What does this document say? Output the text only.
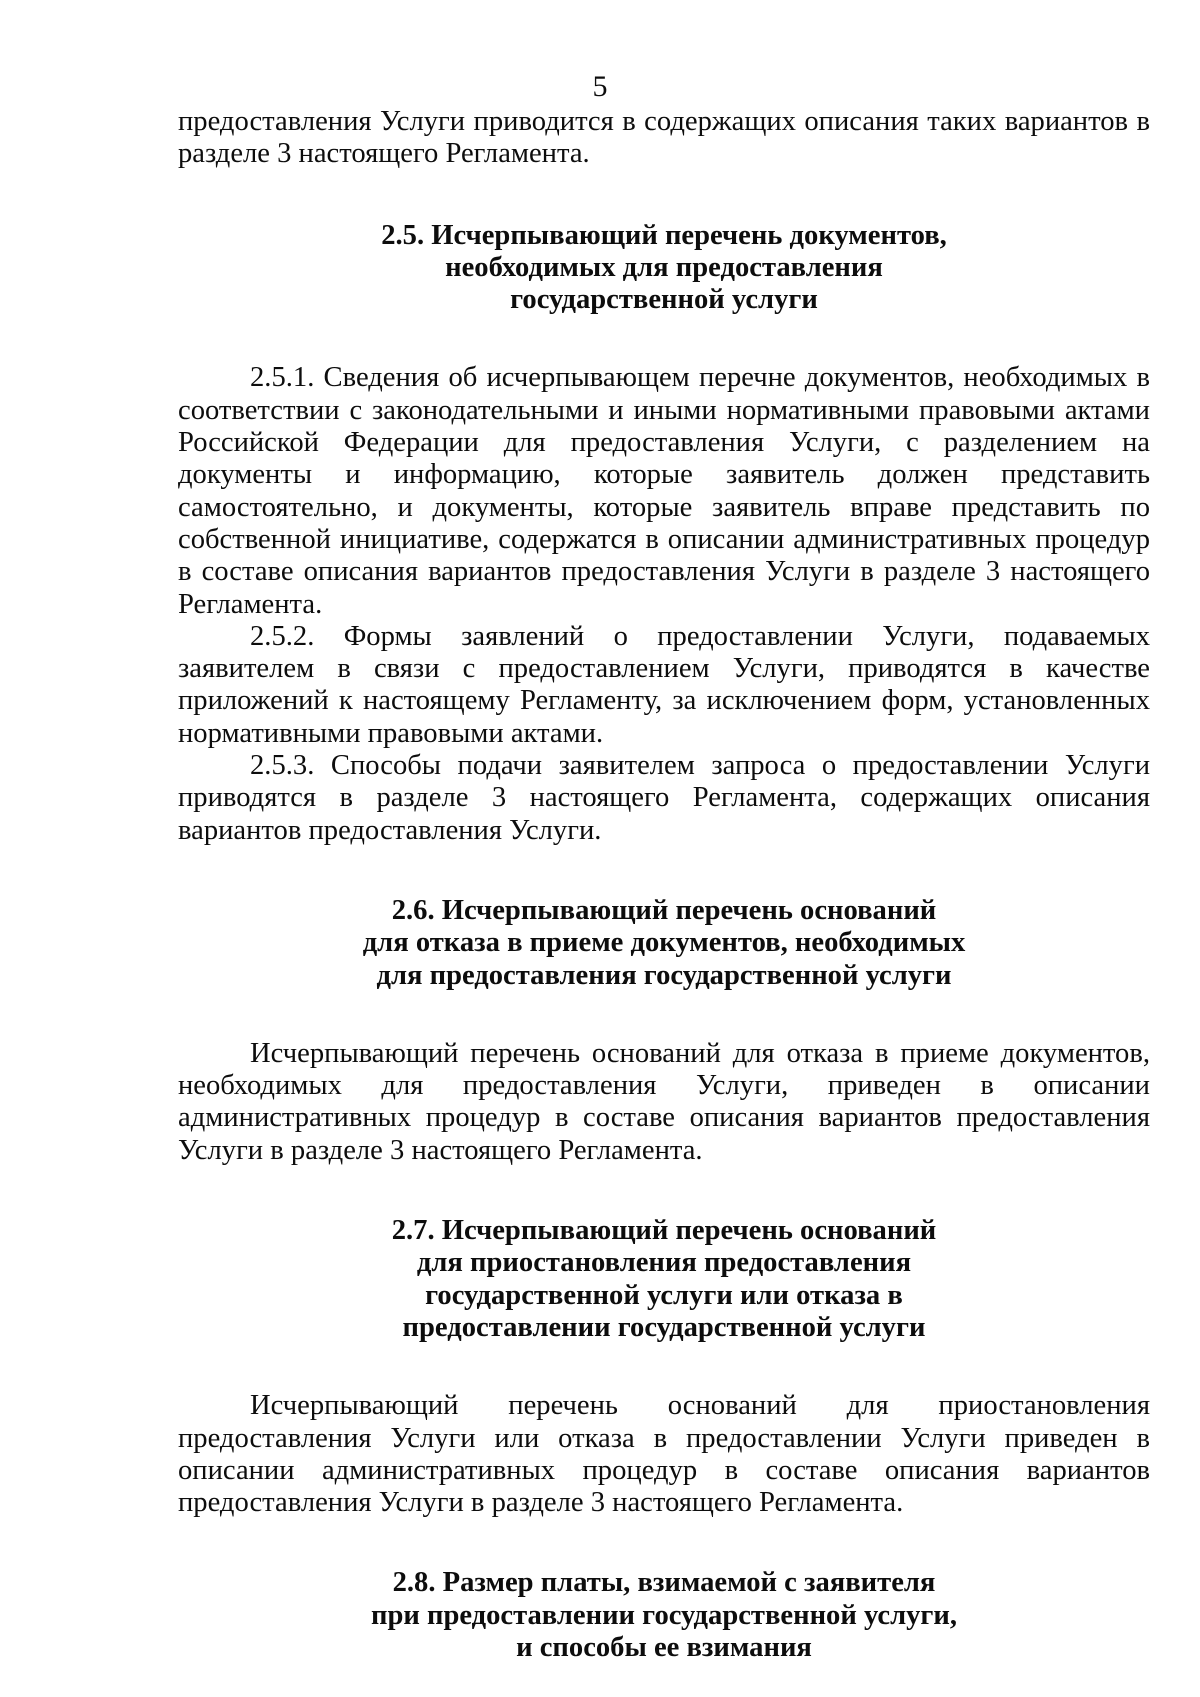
5

предоставления Услуги приводится в содержащих описания таких вариантов в разделе 3 настоящего Регламента.

2.5. Исчерпывающий перечень документов,
необходимых для предоставления
государственной услуги

2.5.1. Сведения об исчерпывающем перечне документов, необходимых в соответствии с законодательными и иными нормативными правовыми актами Российской Федерации для предоставления Услуги, с разделением на документы и информацию, которые заявитель должен представить самостоятельно, и документы, которые заявитель вправе представить по собственной инициативе, содержатся в описании административных процедур в составе описания вариантов предоставления Услуги в разделе 3 настоящего Регламента.

2.5.2. Формы заявлений о предоставлении Услуги, подаваемых заявителем в связи с предоставлением Услуги, приводятся в качестве приложений к настоящему Регламенту, за исключением форм, установленных нормативными правовыми актами.

2.5.3. Способы подачи заявителем запроса о предоставлении Услуги приводятся в разделе 3 настоящего Регламента, содержащих описания вариантов предоставления Услуги.

2.6. Исчерпывающий перечень оснований
для отказа в приеме документов, необходимых
для предоставления государственной услуги

Исчерпывающий перечень оснований для отказа в приеме документов, необходимых для предоставления Услуги, приведен в описании административных процедур в составе описания вариантов предоставления Услуги в разделе 3 настоящего Регламента.

2.7. Исчерпывающий перечень оснований
для приостановления предоставления
государственной услуги или отказа в
предоставлении государственной услуги

Исчерпывающий перечень оснований для приостановления предоставления Услуги или отказа в предоставлении Услуги приведен в описании административных процедур в составе описания вариантов предоставления Услуги в разделе 3 настоящего Регламента.

2.8. Размер платы, взимаемой с заявителя
при предоставлении государственной услуги,
и способы ее взимания
